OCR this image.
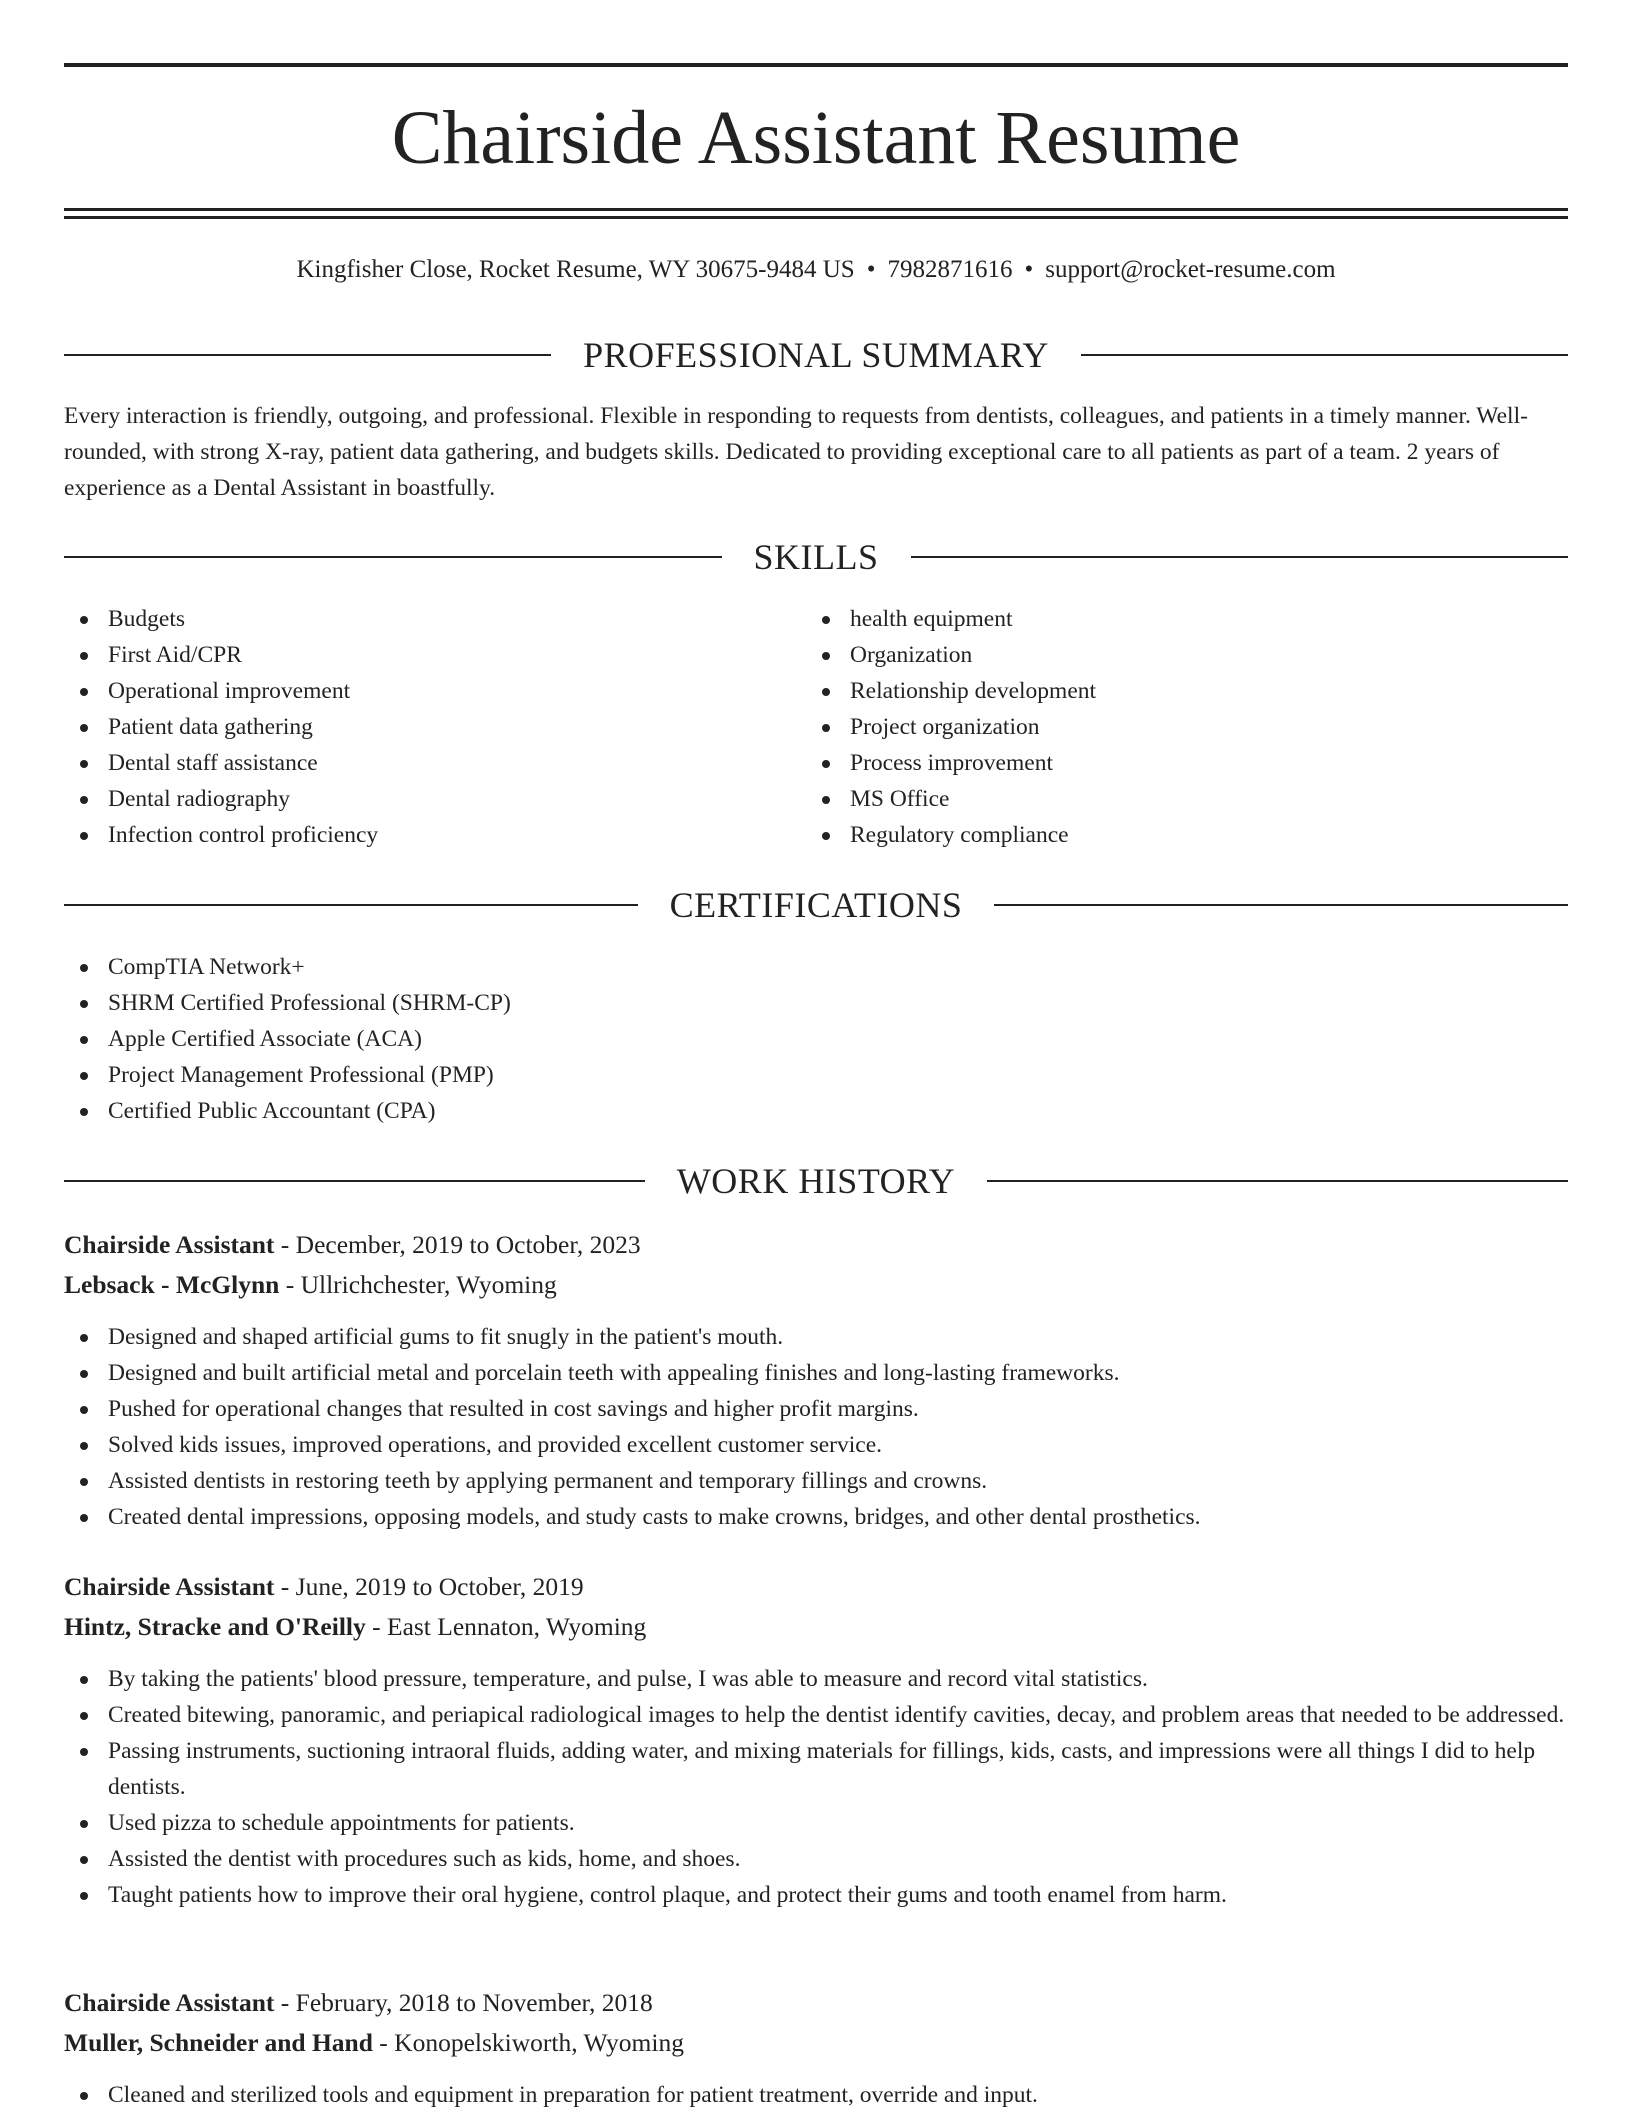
Chairside Assistant Resume
Kingfisher Close, Rocket Resume, WY 30675-9484 US • 7982871616 • support@rocket-resume.com
PROFESSIONAL SUMMARY

Every interaction is friendly, outgoing, and professional. Flexible in responding to requests from dentists, colleagues, and patients in a timely manner. Well-rounded, with strong X-ray, patient data gathering, and budgets skills. Dedicated to providing exceptional care to all patients as part of a team. 2 years of experience as a Dental Assistant in boastfully.

SKILLS
Budgets
First Aid/CPR
Operational improvement
Patient data gathering
Dental staff assistance
Dental radiography
Infection control proficiency
health equipment
Organization
Relationship development
Project organization
Process improvement
MS Office
Regulatory compliance
CERTIFICATIONS
CompTIA Network+
SHRM Certified Professional (SHRM-CP)
Apple Certified Associate (ACA)
Project Management Professional (PMP)
Certified Public Accountant (CPA)
WORK HISTORY
Chairside Assistant - December, 2019 to October, 2023
Lebsack - McGlynn - Ullrichchester, Wyoming
Designed and shaped artificial gums to fit snugly in the patient's mouth.
Designed and built artificial metal and porcelain teeth with appealing finishes and long-lasting frameworks.
Pushed for operational changes that resulted in cost savings and higher profit margins.
Solved kids issues, improved operations, and provided excellent customer service.
Assisted dentists in restoring teeth by applying permanent and temporary fillings and crowns.
Created dental impressions, opposing models, and study casts to make crowns, bridges, and other dental prosthetics.
Chairside Assistant - June, 2019 to October, 2019
Hintz, Stracke and O'Reilly - East Lennaton, Wyoming
By taking the patients' blood pressure, temperature, and pulse, I was able to measure and record vital statistics.
Created bitewing, panoramic, and periapical radiological images to help the dentist identify cavities, decay, and problem areas that needed to be addressed.
Passing instruments, suctioning intraoral fluids, adding water, and mixing materials for fillings, kids, casts, and impressions were all things I did to help dentists.
Used pizza to schedule appointments for patients.
Assisted the dentist with procedures such as kids, home, and shoes.
Taught patients how to improve their oral hygiene, control plaque, and protect their gums and tooth enamel from harm.
Chairside Assistant - February, 2018 to November, 2018
Muller, Schneider and Hand - Konopelskiworth, Wyoming
Cleaned and sterilized tools and equipment in preparation for patient treatment, override and input.
